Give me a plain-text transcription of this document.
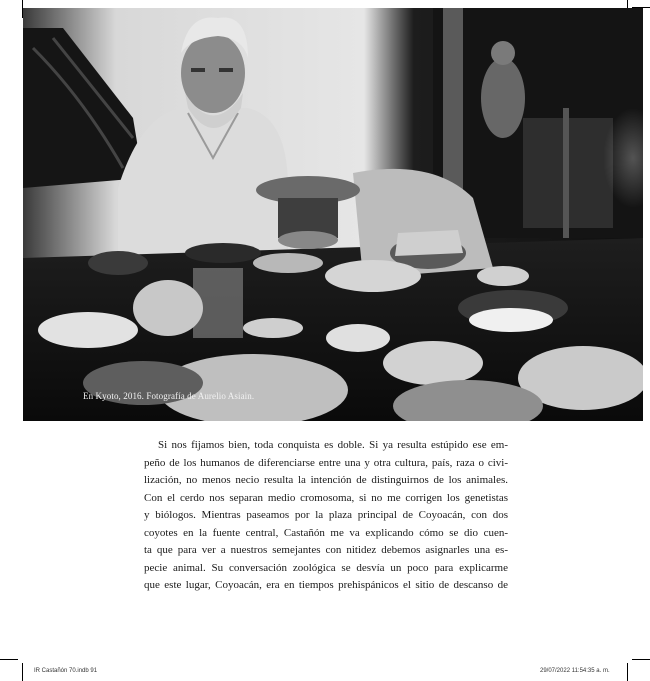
En Kyoto, 2016. Fotografía de Aurelio Asiain.
Si nos fijamos bien, toda conquista es doble. Si ya resulta estúpido ese em-
peño de los humanos de diferenciarse entre una y otra cultura, país, raza o civi-
lización, no menos necio resulta la intención de distinguirnos de los animales.
Con el cerdo nos separan medio cromosoma, si no me corrigen los genetistas
y biólogos. Mientras paseamos por la plaza principal de Coyoacán, con dos
coyotes en la fuente central, Castañón me va explicando cómo se dio cuen-
ta que para ver a nuestros semejantes con nitidez debemos asignarles una es-
pecie animal. Su conversación zoológica se desvía un poco para explicarme
que este lugar, Coyoacán, era en tiempos prehispánicos el sitio de descanso de
IR Castañón 70.indb 91	29/07/2022 11:54:35 a. m.
